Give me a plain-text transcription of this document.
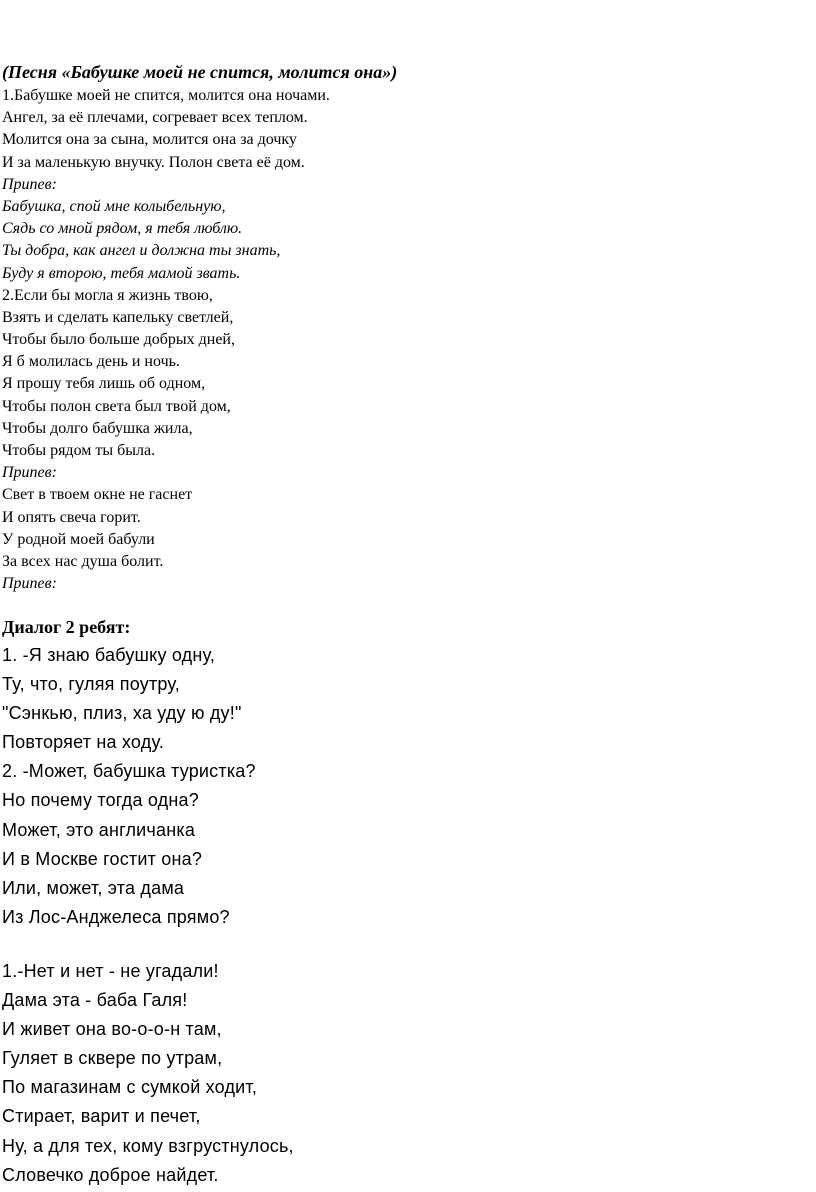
(Песня «Бабушке моей не спится, молится она»)
1.Бабушке моей не спится, молится она ночами.
Ангел, за её плечами, согревает всех теплом.
Молится она за сына, молится она за дочку
И за маленькую внучку. Полон света её дом.
Припев:
Бабушка, спой мне колыбельную,
Сядь со мной рядом, я тебя люблю.
Ты добра, как ангел и должна ты знать,
Буду я второю, тебя мамой звать.
2.Если бы могла я жизнь твою,
Взять и сделать капельку светлей,
Чтобы было больше добрых дней,
Я б молилась день и ночь.
Я прошу тебя лишь об одном,
Чтобы полон света был твой дом,
Чтобы долго бабушка жила,
Чтобы рядом ты была.
Припев:
Свет в твоем окне не гаснет
И опять свеча горит.
У родной моей бабули
За всех нас душа болит.
Припев:
Диалог 2 ребят:
1. -Я знаю бабушку одну,
Ту, что, гуляя поутру,
"Сэнкью, плиз, ха уду ю ду!"
Повторяет на ходу.
2. -Может, бабушка туристка?
Но почему тогда одна?
Может, это англичанка
И в Москве гостит она?
Или, может, эта дама
Из Лос-Анджелеса прямо?
1.-Нет и нет - не угадали!
Дама эта - баба Галя!
И живет она во-о-о-н там,
Гуляет в сквере по утрам,
По магазинам с сумкой ходит,
Стирает, варит и печет,
Ну, а для тех, кому взгрустнулось,
Словечко доброе найдет.
